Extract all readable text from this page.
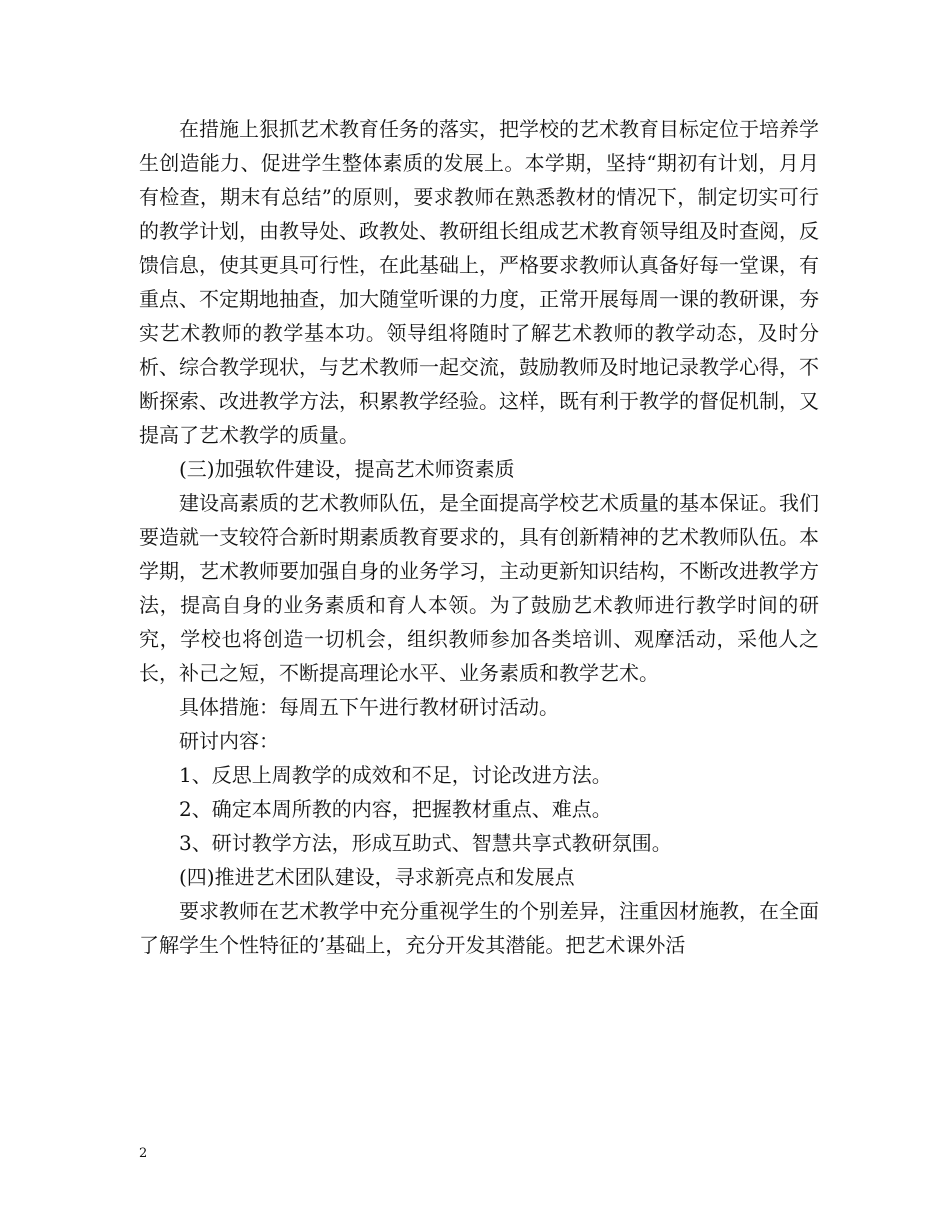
在措施上狠抓艺术教育任务的落实，把学校的艺术教育目标定位于培养学生创造能力、促进学生整体素质的发展上。本学期，坚持“期初有计划，月月有检查，期末有总结”的原则，要求教师在熟悉教材的情况下，制定切实可行的教学计划，由教导处、政教处、教研组长组成艺术教育领导组及时查阅，反馈信息，使其更具可行性，在此基础上，严格要求教师认真备好每一堂课，有重点、不定期地抽查，加大随堂听课的力度，正常开展每周一课的教研课，夯实艺术教师的教学基本功。领导组将随时了解艺术教师的教学动态，及时分析、综合教学现状，与艺术教师一起交流，鼓励教师及时地记录教学心得，不断探索、改进教学方法，积累教学经验。这样，既有利于教学的督促机制，又提高了艺术教学的质量。

(三)加强软件建设，提高艺术师资素质

建设高素质的艺术教师队伍，是全面提高学校艺术质量的基本保证。我们要造就一支较符合新时期素质教育要求的，具有创新精神的艺术教师队伍。本学期，艺术教师要加强自身的业务学习，主动更新知识结构，不断改进教学方法，提高自身的业务素质和育人本领。为了鼓励艺术教师进行教学时间的研究，学校也将创造一切机会，组织教师参加各类培训、观摩活动，采他人之长，补己之短，不断提高理论水平、业务素质和教学艺术。

具体措施：每周五下午进行教材研讨活动。

研讨内容：

1、反思上周教学的成效和不足，讨论改进方法。

2、确定本周所教的内容，把握教材重点、难点。

3、研讨教学方法，形成互助式、智慧共享式教研氛围。

(四)推进艺术团队建设，寻求新亮点和发展点

要求教师在艺术教学中充分重视学生的个别差异，注重因材施教，在全面了解学生个性特征的’基础上，充分开发其潜能。把艺术课外活

2
